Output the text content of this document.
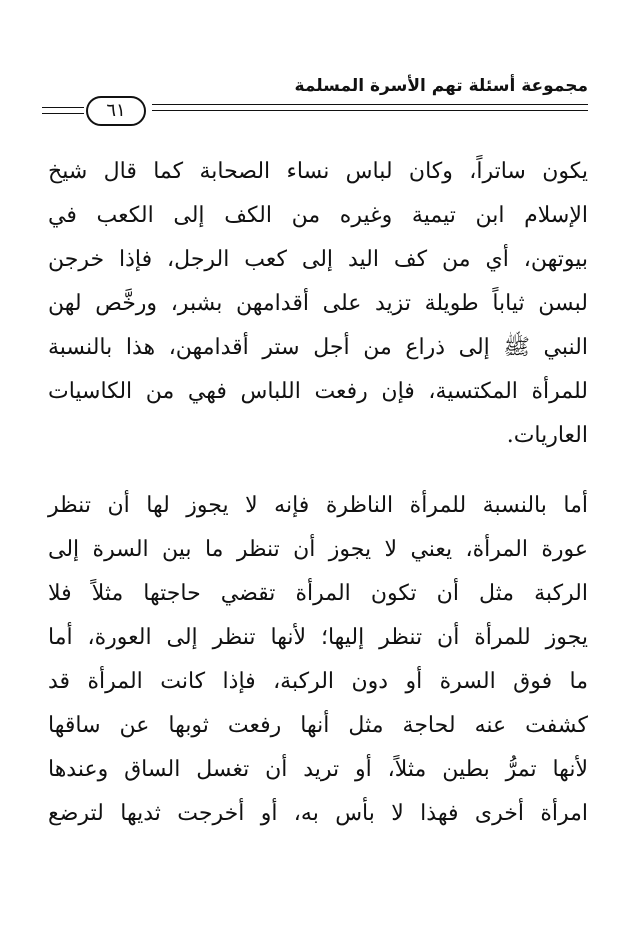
مجموعة أسئلة تهم الأسرة المسلمة
٦١
يكون ساتراً، وكان لباس نساء الصحابة كما قال شيخ
الإسلام ابن تيمية وغيره من الكف إلى الكعب في
بيوتهن، أي من كف اليد إلى كعب الرجل، فإذا خرجن
لبسن ثياباً طويلة تزيد على أقدامهن بشبر، ورخَّص لهن
النبي ﷺ إلى ذراع من أجل ستر أقدامهن، هذا بالنسبة
للمرأة المكتسية، فإن رفعت اللباس فهي من الكاسيات
العاريات.
أما بالنسبة للمرأة الناظرة فإنه لا يجوز لها أن تنظر
عورة المرأة، يعني لا يجوز أن تنظر ما بين السرة إلى
الركبة مثل أن تكون المرأة تقضي حاجتها مثلاً فلا
يجوز للمرأة أن تنظر إليها؛ لأنها تنظر إلى العورة، أما
ما فوق السرة أو دون الركبة، فإذا كانت المرأة قد
كشفت عنه لحاجة مثل أنها رفعت ثوبها عن ساقها
لأنها تمرُّ بطين مثلاً، أو تريد أن تغسل الساق وعندها
امرأة أخرى فهذا لا بأس به، أو أخرجت ثديها لترضع
